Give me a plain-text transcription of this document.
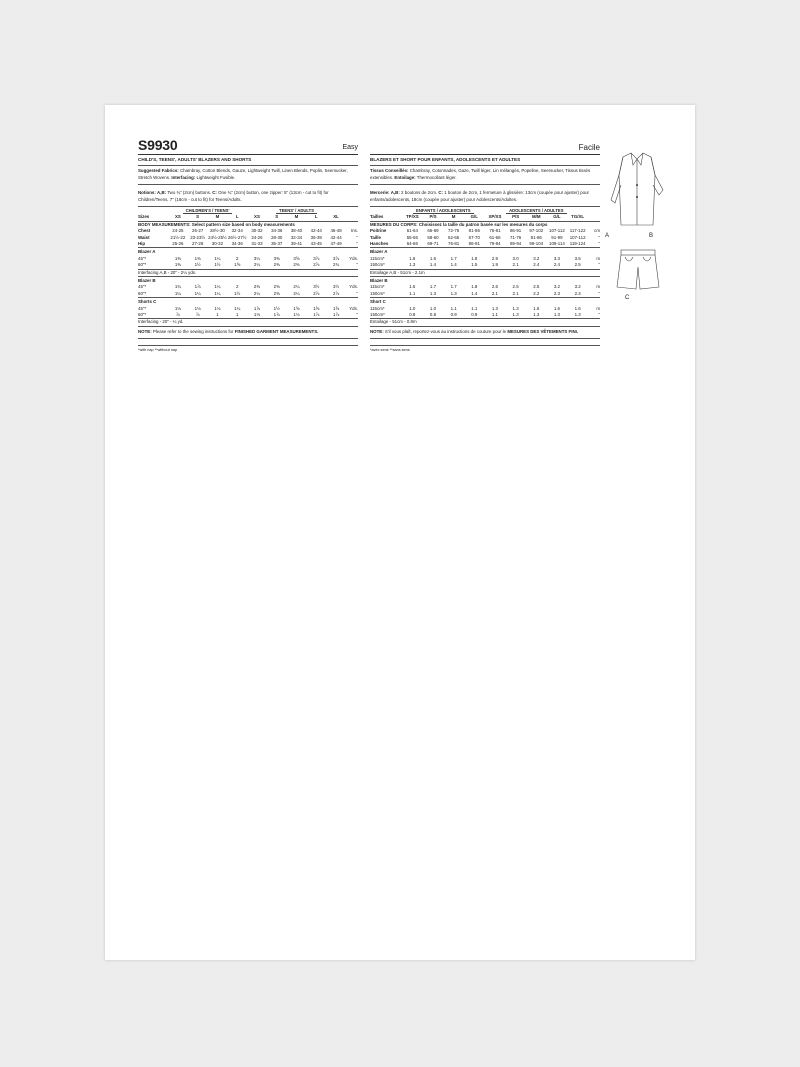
S9930	Easy
CHILD'S, TEENS', ADULTS' BLAZERS AND SHORTS
Suggested Fabrics: Chambray, Cotton Blends, Gauze, Lightweight Twill, Linen Blends, Poplin, Seersucker, Stretch Wovens. Interfacing: Lightweight Fusible.
Notions: A,B: Two ¾" (2cm) buttons. C: One ¾" (2cm) button, one zipper: 5" (13cm - cut to fit) for Children/Teens, 7" (18cm - cut to fit) for Teens/Adults.
	CHILDREN'S / TEENS'				TEENS' / ADULTS					
Sizes	XS	S	M	L	XS	S	M	L	XL	
BODY MEASUREMENTS: Select pattern size based on body measurements										
Chest	24-25	26-27	28½-30	32-34	30-32	34-36	38-40	42-44	46-48	Ins.
Waist	21½-22	23-23½	24½-25½	26½-27½	24-26	28-30	32-34	36-39	42-44	"
Hip	25-26	27-28	30-32	34-36	31-33	35-37	39-41	43-45	47-49	"
Blazer A										
45"*	1⅜	1⅜	1¼	2	3¼	3⅜	3⅝	3⅞	3⅞	Yds.
60"*	1⅜	1½	1½	1⅝	2¼	2⅜	2⅜	2⅞	2¾	"
Interfacing A,B - 20" - 2¼ yds.										
Blazer B										
45"*	1¾	1⅞	1¼	2	2⅜	2⅜	2¼	3½	3½	Yds.
60"*	1¼	1¼	1¼	1½	2¼	2⅜	2¼	2⅞	2⅞	"
Shorts C										
45"*	1⅛	1⅛	1⅛	1¼	1⅞	1½	1⅝	1⅝	1⅝	Yds.
60"*	⅞	⅞	1	1	1⅛	1⅞	1⅛	1⅞	1⅞	"
Interfacing - 20" - ¼ yd.										
NOTE: Please refer to the sewing instructions for FINISHED GARMENT MEASUREMENTS.
*with nap **without nap
Facile
BLAZERS ET SHORT POUR ENFANTS, ADOLESCENTS ET ADULTES
Tissus Conseillés: Chambray, Cotonnades, Gaze, Twill léger, Lin mélangés, Popeline, Seersucker, Tissus tissés extensibles. Entoilage: Thermocollant léger.
Mercerie: A,B: 2 boutons de 2cm. C: 1 bouton de 2cm, 1 fermeture à glissière: 13cm (coupée pour ajuster) pour enfants/adolescents, 18cm (coupée pour ajuster) pour Adolescents/Adultes.
	ENFANTS / ADOLESCENTS				ADOLESCENTS / ADULTES					
Tailles	TP/XS	P/S	M	G/L	XP/XS	P/S	M/M	G/L	TG/XL	
MESURES DU CORPS: Choisissez la taille du patron basée sur les mesures du corps										
Poitrine	61-64	66-69	72-76	81-86	76-81	86-91	97-102	107-112	117-122	cm
Taille	55-56	58-60	62-65	67-70	61-66	71-76	81-86	91-99	107-112	"
Hanches	64-66	69-71	76-81	86-91	79-84	89-94	99-104	109-114	119-124	"
Blazer A										
115cm*	1.6	1.6	1.7	1.8	2.9	3.0	3.2	3.3	3.5	m
150cm*	1.3	1.4	1.4	1.5	1.9	2.1	2.4	2.4	2.5	"
Entoilage A,B - 51cm - 2.1m										
Blazer B										
115cm*	1.6	1.7	1.7	1.8	2.5	2.5	2.5	3.2	3.2	m
150cm*	1.1	1.3	1.3	1.4	2.1	2.1	2.2	2.3	2.3	"
Short C										
115cm*	1.0	1.0	1.1	1.1	1.3	1.3	1.6	1.6	1.6	m
150cm*	0.8	0.8	0.9	0.9	1.1	1.3	1.3	1.3	1.3	"
Entoilage - 51cm - 0.8m										
NOTE: S'il vous plaît, reportez-vous au instructions de couture pour le MESURES DES VÊTEMENTS FINI.
*avec sens **sans sens
A	B
C
